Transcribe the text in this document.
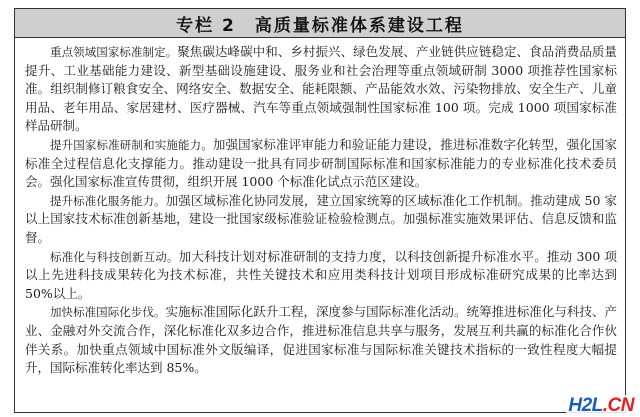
专栏 2　高质量标准体系建设工程

重点领域国家标准制定。聚焦碳达峰碳中和、乡村振兴、绿色发展、产业链供应链稳定、食品消费品质量提升、工业基础能力建设、新型基础设施建设、服务业和社会治理等重点领域研制 3000 项推荐性国家标准。组织制修订粮食安全、网络安全、数据安全、能耗限额、产品能效水效、污染物排放、安全生产、儿童用品、老年用品、家居建材、医疗器械、汽车等重点领域强制性国家标准 100 项。完成 1000 项国家标准样品研制。

提升国家标准研制和实施能力。加强国家标准评审能力和验证能力建设，推进标准数字化转型，强化国家标准全过程信息化支撑能力。推动建设一批具有同步研制国际标准和国家标准能力的专业标准化技术委员会。强化国家标准宣传贯彻，组织开展 1000 个标准化试点示范区建设。

提升标准化服务能力。加强区域标准化协同发展，建立国家统筹的区域标准化工作机制。推动建成 50 家以上国家技术标准创新基地，建设一批国家级标准验证检验检测点。加强标准实施效果评估、信息反馈和监督。

标准化与科技创新互动。加大科技计划对标准研制的支持力度，以科技创新提升标准水平。推动 300 项以上先进科技成果转化为技术标准，共性关键技术和应用类科技计划项目形成标准研究成果的比率达到 50%以上。

加快标准国际化步伐。实施标准国际化跃升工程，深度参与国际标准化活动。统筹推进标准化与科技、产业、金融对外交流合作，深化标准化双多边合作，推进标准信息共享与服务，发展互利共赢的标准化合作伙伴关系。加快重点领域中国标准外文版编译，促进国家标准与国际标准关键技术指标的一致性程度大幅提升，国际标准转化率达到 85%。

H2L.CN
